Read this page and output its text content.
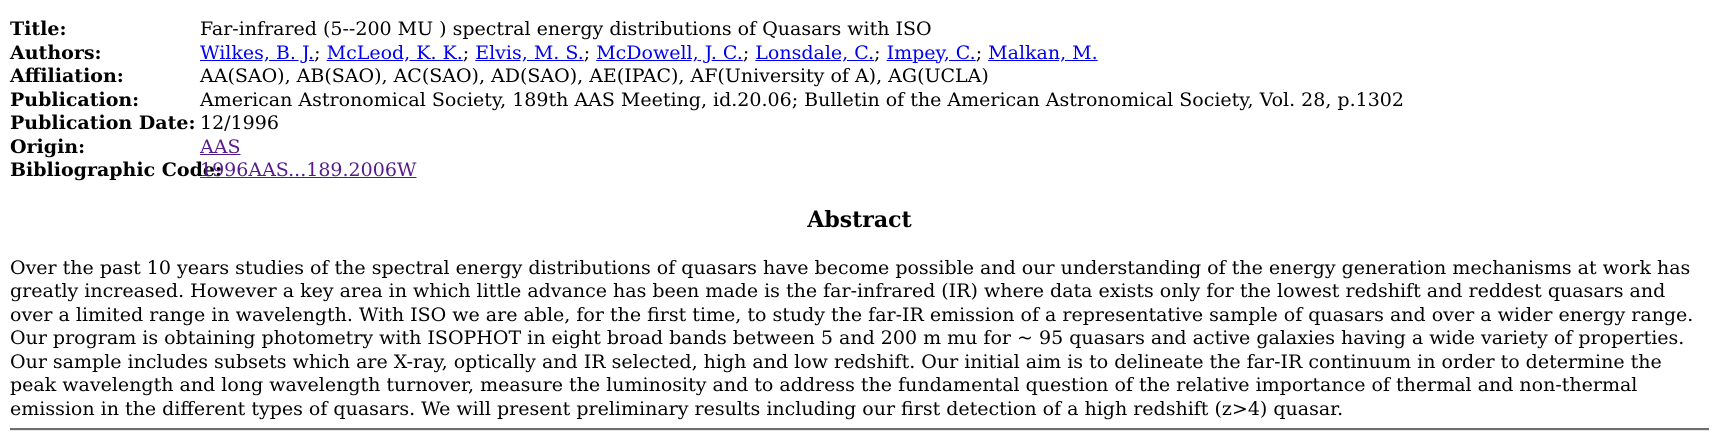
Title:	Far-infrared (5--200 MU ) spectral energy distributions of Quasars with ISO
Authors:	Wilkes, B. J.; McLeod, K. K.; Elvis, M. S.; McDowell, J. C.; Lonsdale, C.; Impey, C.; Malkan, M.
Affiliation:	AA(SAO), AB(SAO), AC(SAO), AD(SAO), AE(IPAC), AF(University of A), AG(UCLA)
Publication:	American Astronomical Society, 189th AAS Meeting, id.20.06; Bulletin of the American Astronomical Society, Vol. 28, p.1302
Publication Date: 12/1996
Origin:	AAS
Bibliographic Code:
1996AAS...189.2006W
Abstract

Over the past 10 years studies of the spectral energy distributions of quasars have become possible and our understanding of the energy generation mechanisms at work has greatly increased. However a key area in which little advance has been made is the far-infrared (IR) where data exists only for the lowest redshift and reddest quasars and over a limited range in wavelength. With ISO we are able, for the first time, to study the far-IR emission of a representative sample of quasars and over a wider energy range. Our program is obtaining photometry with ISOPHOT in eight broad bands between 5 and 200 m mu for ~ 95 quasars and active galaxies having a wide variety of properties. Our sample includes subsets which are X-ray, optically and IR selected, high and low redshift. Our initial aim is to delineate the far-IR continuum in order to determine the peak wavelength and long wavelength turnover, measure the luminosity and to address the fundamental question of the relative importance of thermal and non-thermal emission in the different types of quasars. We will present preliminary results including our first detection of a high redshift (z>4) quasar.
